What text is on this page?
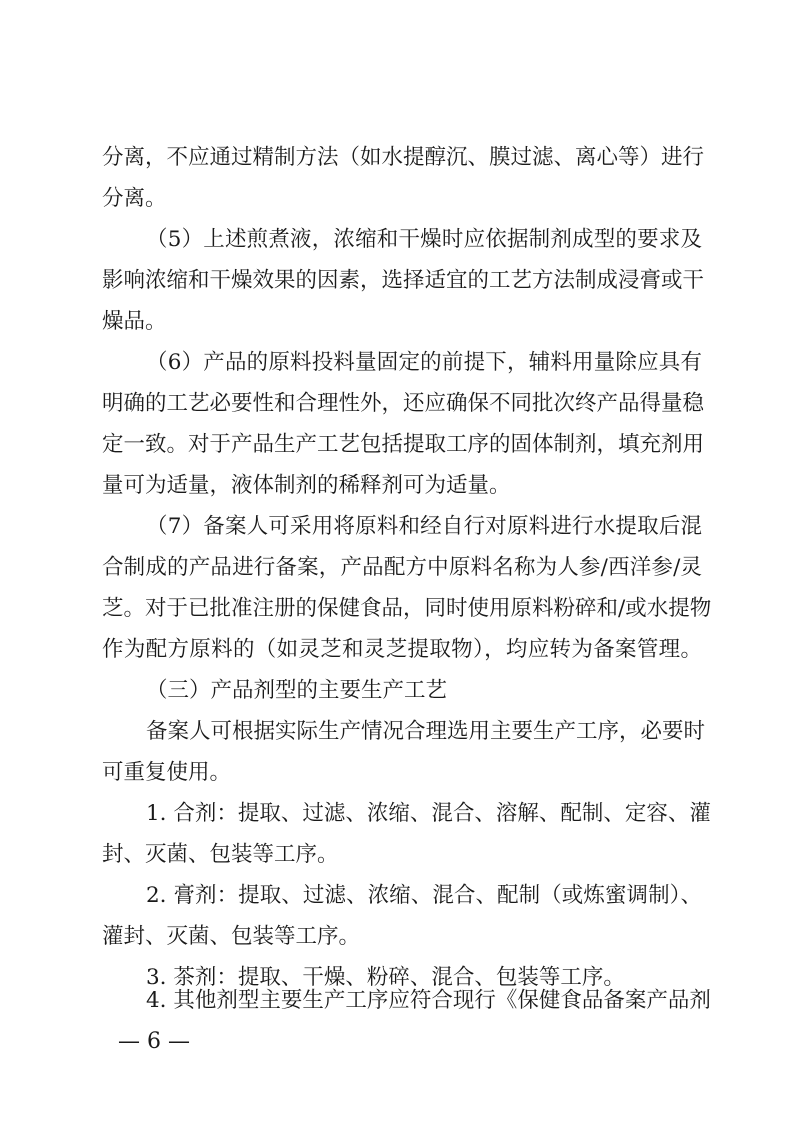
分离，不应通过精制方法（如水提醇沉、膜过滤、离心等）进行
分离。
（5）上述煎煮液，浓缩和干燥时应依据制剂成型的要求及
影响浓缩和干燥效果的因素，选择适宜的工艺方法制成浸膏或干
燥品。
（6）产品的原料投料量固定的前提下，辅料用量除应具有
明确的工艺必要性和合理性外，还应确保不同批次终产品得量稳
定一致。对于产品生产工艺包括提取工序的固体制剂，填充剂用
量可为适量，液体制剂的稀释剂可为适量。
（7）备案人可采用将原料和经自行对原料进行水提取后混
合制成的产品进行备案，产品配方中原料名称为人参/西洋参/灵
芝。对于已批准注册的保健食品，同时使用原料粉碎和/或水提物
作为配方原料的（如灵芝和灵芝提取物），均应转为备案管理。
（三）产品剂型的主要生产工艺
备案人可根据实际生产情况合理选用主要生产工序，必要时
可重复使用。
1. 合剂：提取、过滤、浓缩、混合、溶解、配制、定容、灌
封、灭菌、包装等工序。
2. 膏剂：提取、过滤、浓缩、混合、配制（或炼蜜调制）、
灌封、灭菌、包装等工序。
3. 茶剂：提取、干燥、粉碎、混合、包装等工序。
4. 其他剂型主要生产工序应符合现行《保健食品备案产品剂
— 6 —
